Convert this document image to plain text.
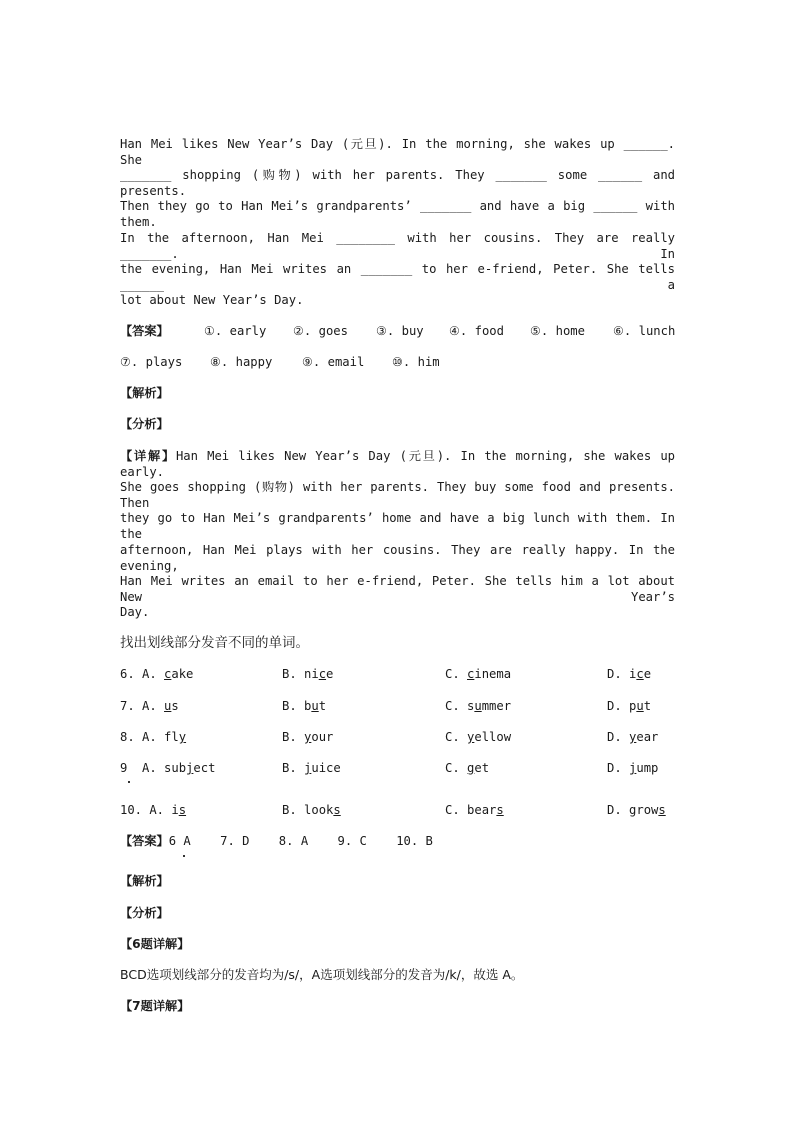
Han Mei likes New Year’s Day (元旦). In the morning, she wakes up ______. She
_______ shopping (购物) with her parents. They _______ some ______ and presents.
Then they go to Han Mei’s grandparents’ _______ and have a big ______ with them.
In the afternoon, Han Mei ________ with her cousins. They are really _______. In
the evening, Han Mei writes an _______ to her e-friend, Peter. She tells ______ a
lot about New Year’s Day.
【答案】	①. early ②. goes ③. buy ④. food ⑤. home ⑥. lunch
⑦. plays ⑧. happy ⑨. email ⑩. him
【解析】
【分析】
【详解】Han Mei likes New Year’s Day (元旦). In the morning, she wakes up early.
She goes shopping (购物) with her parents. They buy some food and presents. Then
they go to Han Mei’s grandparents’ home and have a big lunch with them. In the
afternoon, Han Mei plays with her cousins. They are really happy. In the evening,
Han Mei writes an email to her e-friend, Peter. She tells him a lot about New Year’s
Day.
找出划线部分发音不同的单词。
6. A. cake	B. nice	C. cinema	D. ice
7. A. us	B. but	C. summer	D. put
8. A. fly	B. your	C. yellow	D. year
9  A. subject	B. juice	C. get	D. jump
10. A. is	B. looks	C. bears	D. grows
【答案】6 A    7. D    8. A    9. C    10. B
【解析】
【分析】
【6题详解】
BCD选项划线部分的发音均为/s/，A选项划线部分的发音为/k/，故选 A。
【7题详解】
